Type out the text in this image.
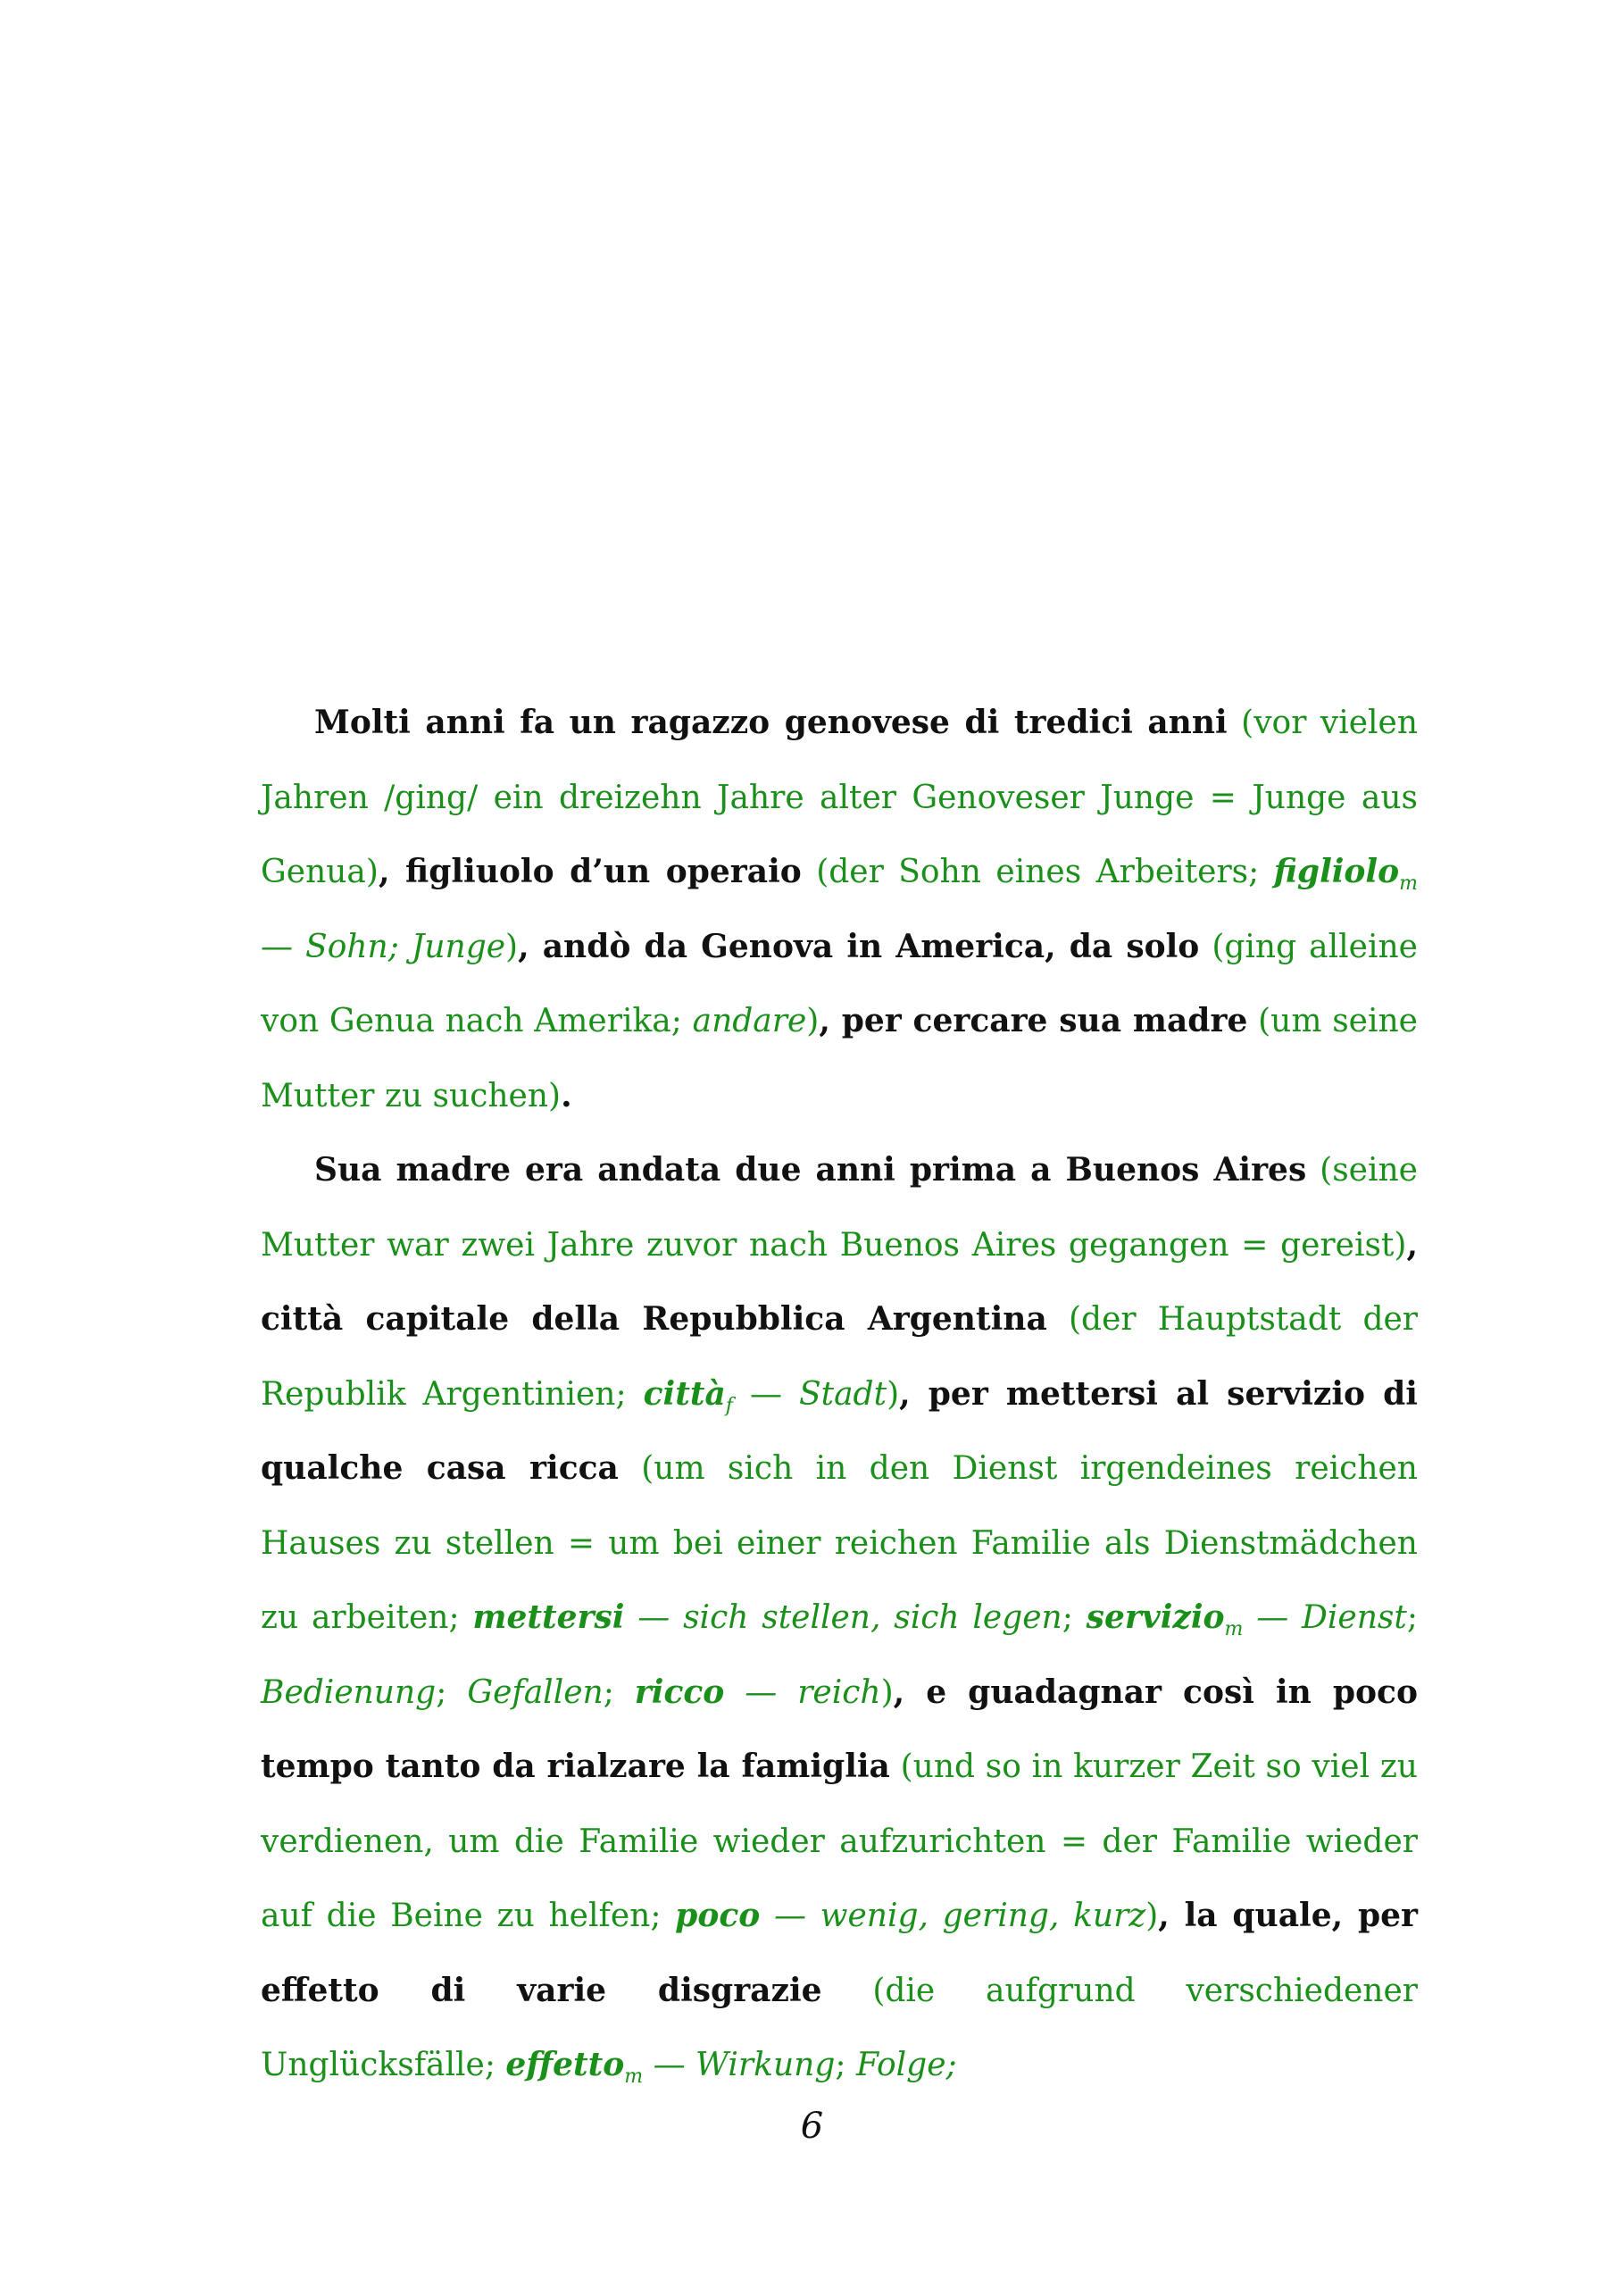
Molti anni fa un ragazzo genovese di tredici anni (vor vielen Jahren /ging/ ein dreizehn Jahre alter Genoveser Junge = Junge aus Genua), figliuolo d’un operaio (der Sohn eines Arbeiters; figliolo$_m$ — Sohn; Junge), andò da Genova in America, da solo (ging alleine von Genua nach Amerika; andare), per cercare sua madre (um seine Mutter zu suchen).

Sua madre era andata due anni prima a Buenos Aires (seine Mutter war zwei Jahre zuvor nach Buenos Aires gegangen = gereist), città capitale della Repubblica Argentina (der Hauptstadt der Republik Argentinien; città$_f$ — Stadt), per mettersi al servizio di qualche casa ricca (um sich in den Dienst irgendeines reichen Hauses zu stellen = um bei einer reichen Familie als Dienstmädchen zu arbeiten; mettersi — sich stellen, sich legen; servizio$_m$ — Dienst; Bedienung; Gefallen; ricco — reich), e guadagnar così in poco tempo tanto da rialzare la famiglia (und so in kurzer Zeit so viel zu verdienen, um die Familie wieder aufzurichten = der Familie wieder auf die Beine zu helfen; poco — wenig, gering, kurz), la quale, per effetto di varie disgrazie (die aufgrund verschiedener Unglücksfälle; effetto$_m$ — Wirkung; Folge;

6
